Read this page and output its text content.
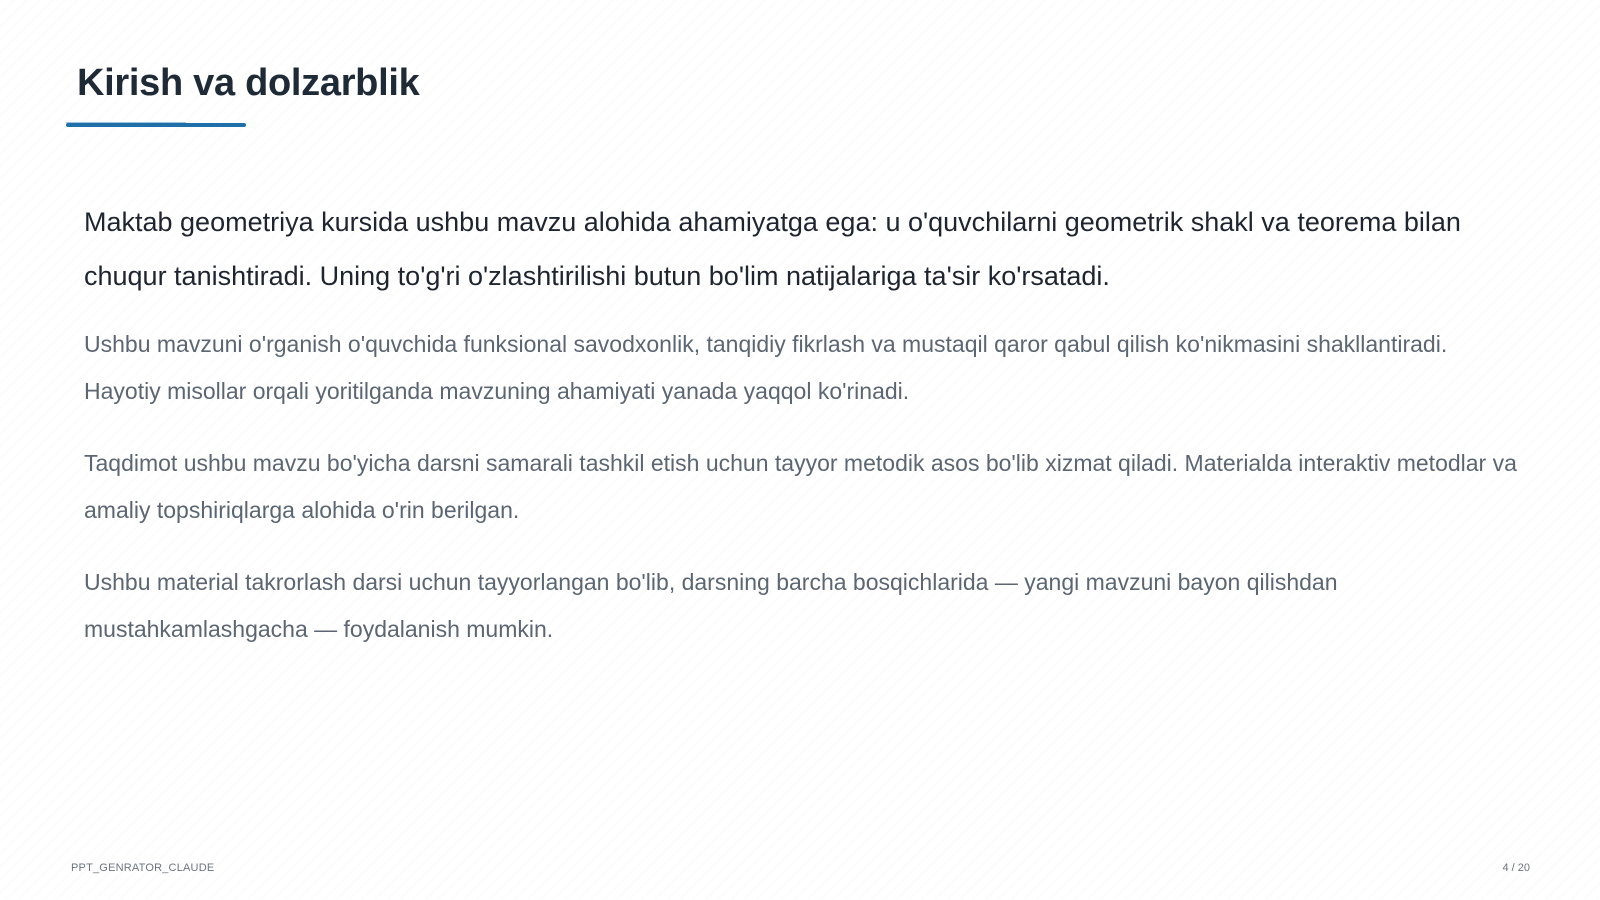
Kirish va dolzarblik

Maktab geometriya kursida ushbu mavzu alohida ahamiyatga ega: u o'quvchilarni geometrik shakl va teorema bilan chuqur tanishtiradi. Uning to'g'ri o'zlashtirilishi butun bo'lim natijalariga ta'sir ko'rsatadi.

Ushbu mavzuni o'rganish o'quvchida funksional savodxonlik, tanqidiy fikrlash va mustaqil qaror qabul qilish ko'nikmasini shakllantiradi. Hayotiy misollar orqali yoritilganda mavzuning ahamiyati yanada yaqqol ko'rinadi.

Taqdimot ushbu mavzu bo'yicha darsni samarali tashkil etish uchun tayyor metodik asos bo'lib xizmat qiladi. Materialda interaktiv metodlar va amaliy topshiriqlarga alohida o'rin berilgan.

Ushbu material takrorlash darsi uchun tayyorlangan bo'lib, darsning barcha bosqichlarida — yangi mavzuni bayon qilishdan mustahkamlashgacha — foydalanish mumkin.

PPT_GENRATOR_CLAUDE	4 / 20
